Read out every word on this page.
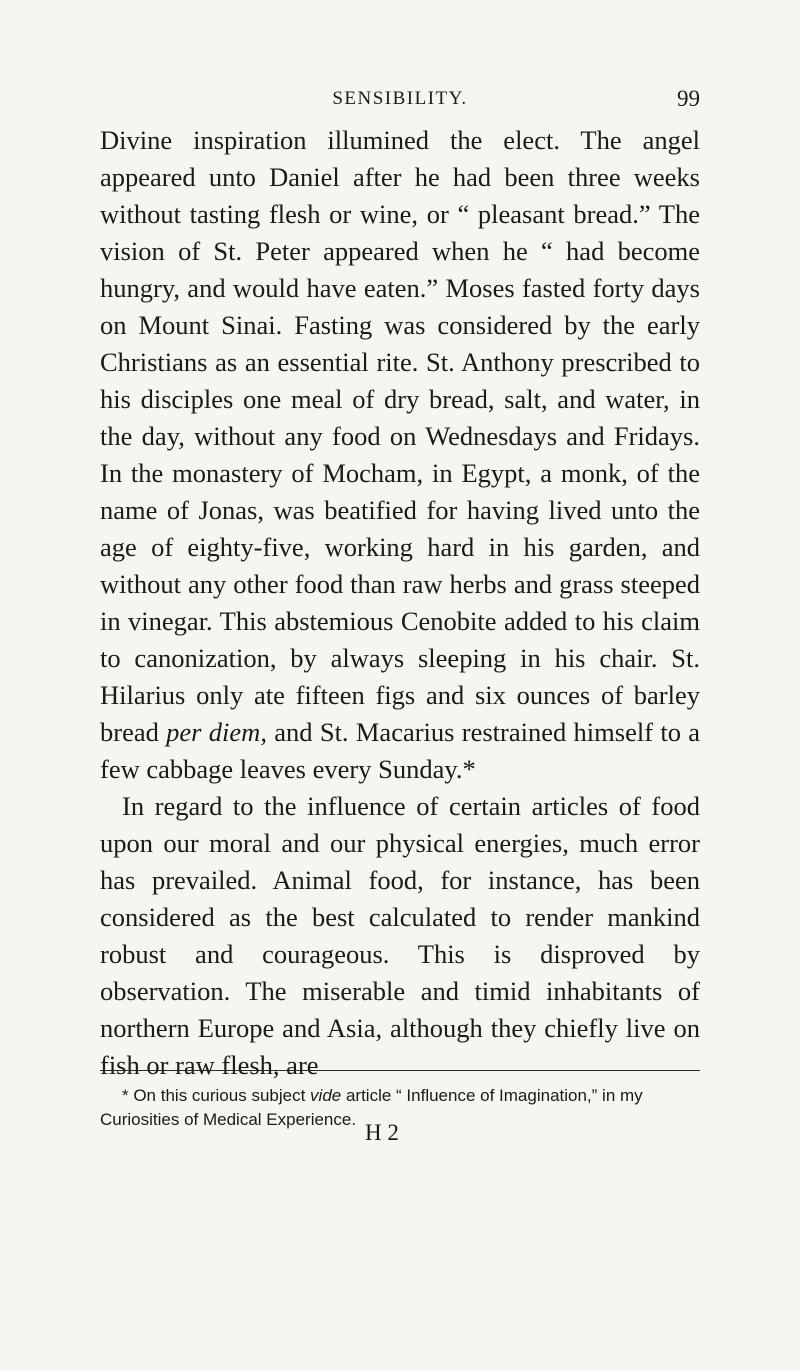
SENSIBILITY.	99

Divine inspiration illumined the elect. The angel appeared unto Daniel after he had been three weeks without tasting flesh or wine, or “ pleasant bread.” The vision of St. Peter appeared when he “ had become hungry, and would have eaten.” Moses fasted forty days on Mount Sinai. Fasting was considered by the early Christians as an essential rite. St. Anthony prescribed to his disciples one meal of dry bread, salt, and water, in the day, without any food on Wednesdays and Fridays. In the monastery of Mocham, in Egypt, a monk, of the name of Jonas, was beatified for having lived unto the age of eighty-five, working hard in his garden, and without any other food than raw herbs and grass steeped in vinegar. This abstemious Cenobite added to his claim to canonization, by always sleeping in his chair. St. Hilarius only ate fifteen figs and six ounces of barley bread per diem, and St. Macarius restrained himself to a few cabbage leaves every Sunday.*

In regard to the influence of certain articles of food upon our moral and our physical energies, much error has prevailed. Animal food, for instance, has been considered as the best calculated to render mankind robust and courageous. This is disproved by observation. The miserable and timid inhabitants of northern Europe and Asia, although they chiefly live on fish or raw flesh, are

* On this curious subject vide article “ Influence of Imagination,” in my Curiosities of Medical Experience.
H 2
